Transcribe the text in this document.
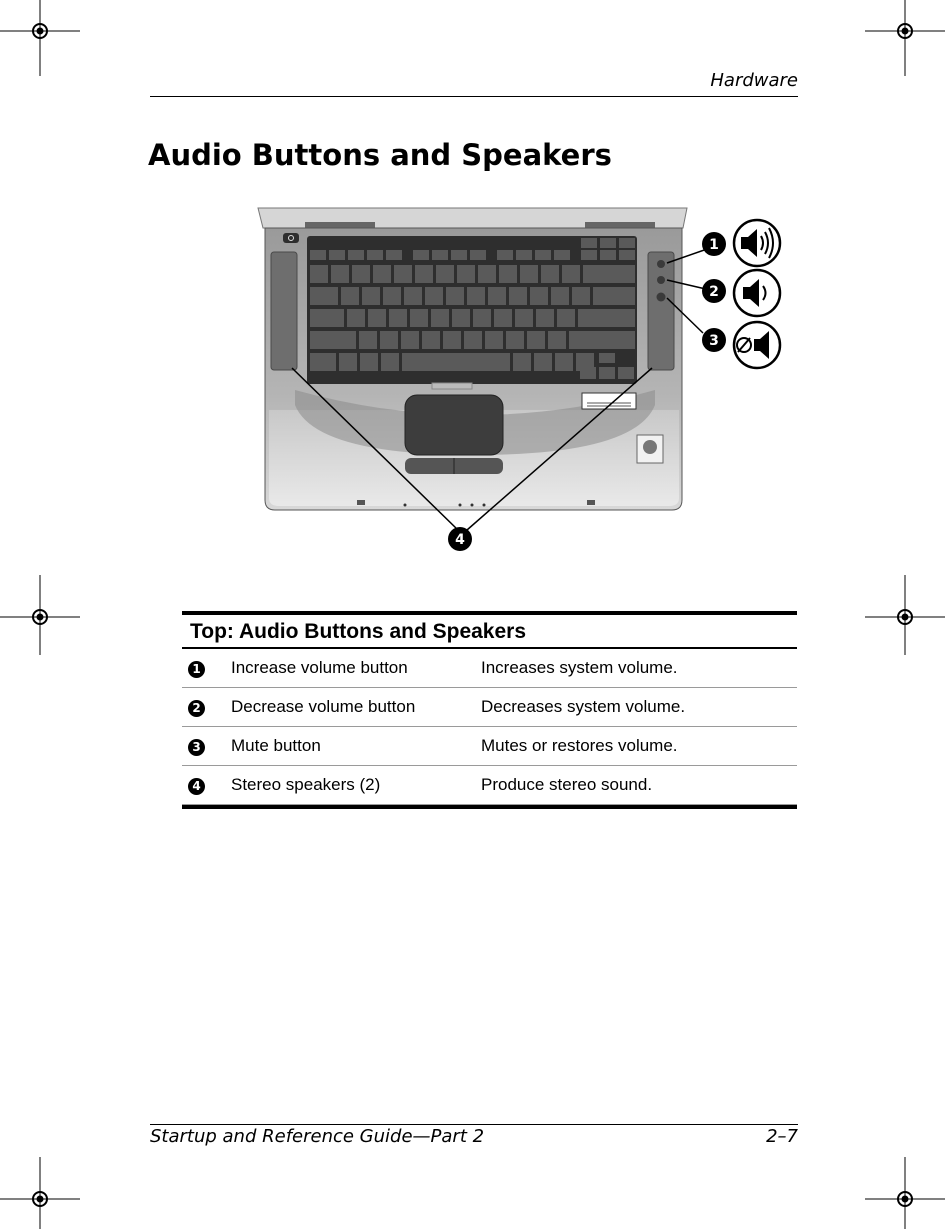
Hardware
Audio Buttons and Speakers
1
2
3
4
Top: Audio Buttons and Speakers
1	Increase volume button	Increases system volume.
2	Decrease volume button	Decreases system volume.
3	Mute button	Mutes or restores volume.
4	Stereo speakers (2)	Produce stereo sound.
Startup and Reference Guide—Part 2	2–7
